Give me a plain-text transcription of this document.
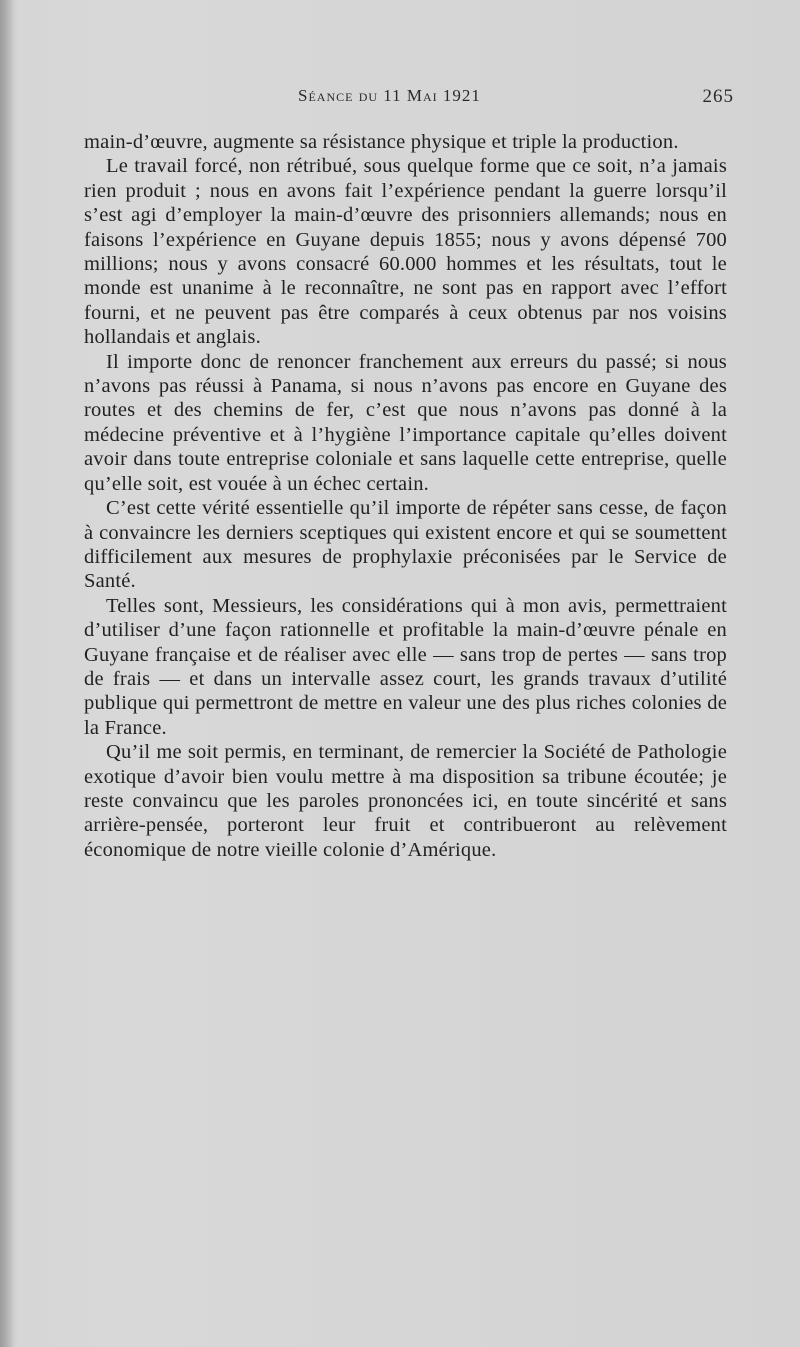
Séance du 11 Mai 1921	265

main-d’œuvre, augmente sa résistance physique et triple la production.

Le travail forcé, non rétribué, sous quelque forme que ce soit, n’a jamais rien produit ; nous en avons fait l’expérience pendant la guerre lorsqu’il s’est agi d’employer la main-d’œuvre des prisonniers allemands; nous en faisons l’expérience en Guyane depuis 1855; nous y avons dépensé 700 millions; nous y avons consacré 60.000 hommes et les résultats, tout le monde est unanime à le reconnaître, ne sont pas en rapport avec l’effort fourni, et ne peuvent pas être comparés à ceux obtenus par nos voisins hollandais et anglais.

Il importe donc de renoncer franchement aux erreurs du passé; si nous n’avons pas réussi à Panama, si nous n’avons pas encore en Guyane des routes et des chemins de fer, c’est que nous n’avons pas donné à la médecine préventive et à l’hygiène l’importance capitale qu’elles doivent avoir dans toute entreprise coloniale et sans laquelle cette entreprise, quelle qu’elle soit, est vouée à un échec certain.

C’est cette vérité essentielle qu’il importe de répéter sans cesse, de façon à convaincre les derniers sceptiques qui existent encore et qui se soumettent difficilement aux mesures de prophylaxie préconisées par le Service de Santé.

Telles sont, Messieurs, les considérations qui à mon avis, permettraient d’utiliser d’une façon rationnelle et profitable la main-d’œuvre pénale en Guyane française et de réaliser avec elle — sans trop de pertes — sans trop de frais — et dans un intervalle assez court, les grands travaux d’utilité publique qui permettront de mettre en valeur une des plus riches colonies de la France.

Qu’il me soit permis, en terminant, de remercier la Société de Pathologie exotique d’avoir bien voulu mettre à ma disposition sa tribune écoutée; je reste convaincu que les paroles prononcées ici, en toute sincérité et sans arrière-pensée, porteront leur fruit et contribueront au relèvement économique de notre vieille colonie d’Amérique.
